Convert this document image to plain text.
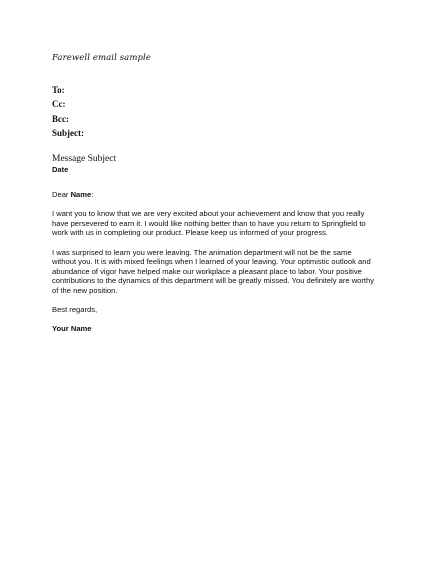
Farewell email sample
To:
Cc:
Bcc:
Subject:
Message Subject
Date

Dear Name:

I want you to know that we are very excited about your achievement and know that you really
have persevered to earn it. I would like nothing better than to have you return to Springfield to
work with us in completing our product. Please keep us informed of your progress.

I was surprised to learn you were leaving. The animation department will not be the same
without you. It is with mixed feelings when I learned of your leaving. Your optimistic outlook and
abundance of vigor have helped make our workplace a pleasant place to labor. Your positive
contributions to the dynamics of this department will be greatly missed. You definitely are worthy
of the new position.

Best regards,

Your Name
